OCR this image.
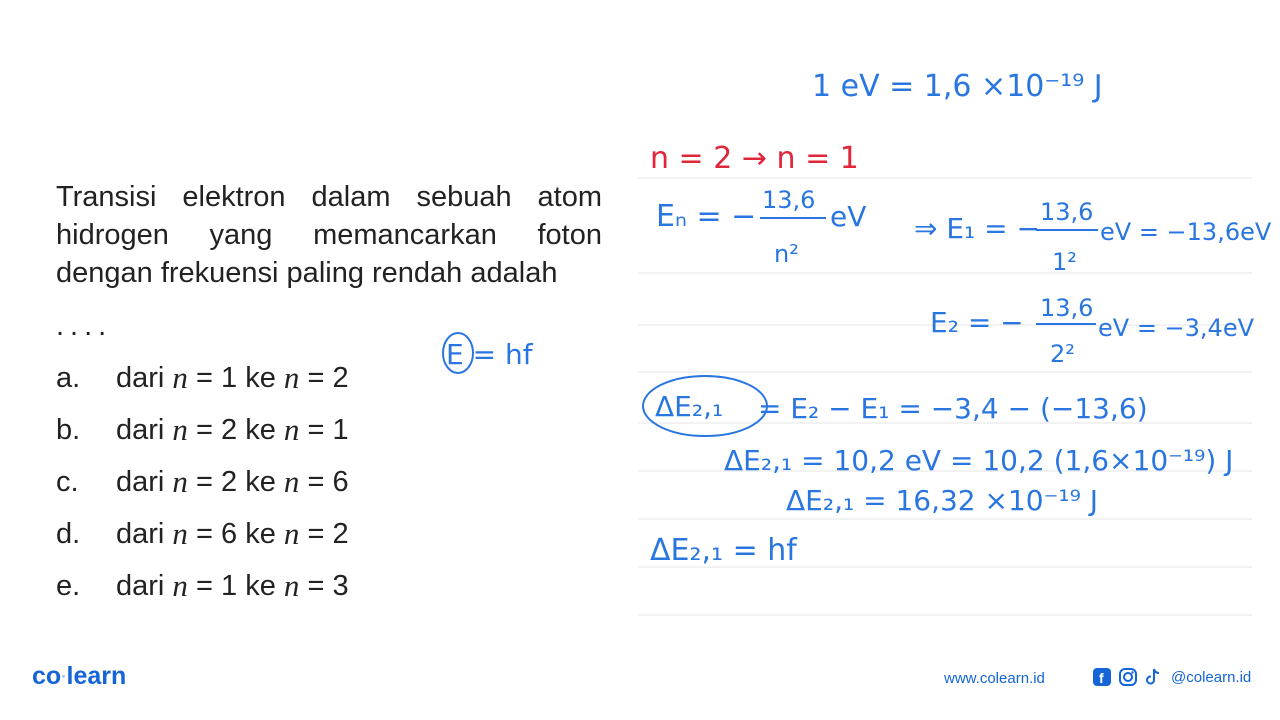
Transisi elektron dalam sebuah atom hidrogen yang memancarkan foton dengan frekuensi paling rendah adalah
....
a.	dari
n
=
1
ke
n
=
2
b.	dari
n
=
2
ke
n
=
1
c.	dari
n
=
2
ke
n
=
6
d.	dari
n
=
6
ke
n
=
2
e.	dari
n
=
1
ke
n
=
3
1 eV = 1,6 ×10⁻¹⁹ J
n = 2 → n = 1
Eₙ = − 13,6
n²
eV ⇒ E₁ = − 13,6
1²
eV = −13,6eV
E₂ = − 13,6
2²
eV = −3,4eV
E = hf
ΔE₂,₁ = E₂ − E₁ = −3,4 − (−13,6)
ΔE₂,₁ = 10,2 eV = 10,2 (1,6×10⁻¹⁹) J
ΔE₂,₁ = 16,32 ×10⁻¹⁹ J
ΔE₂,₁ = hf
co·learn	www.colearn.id	f	@colearn.id
